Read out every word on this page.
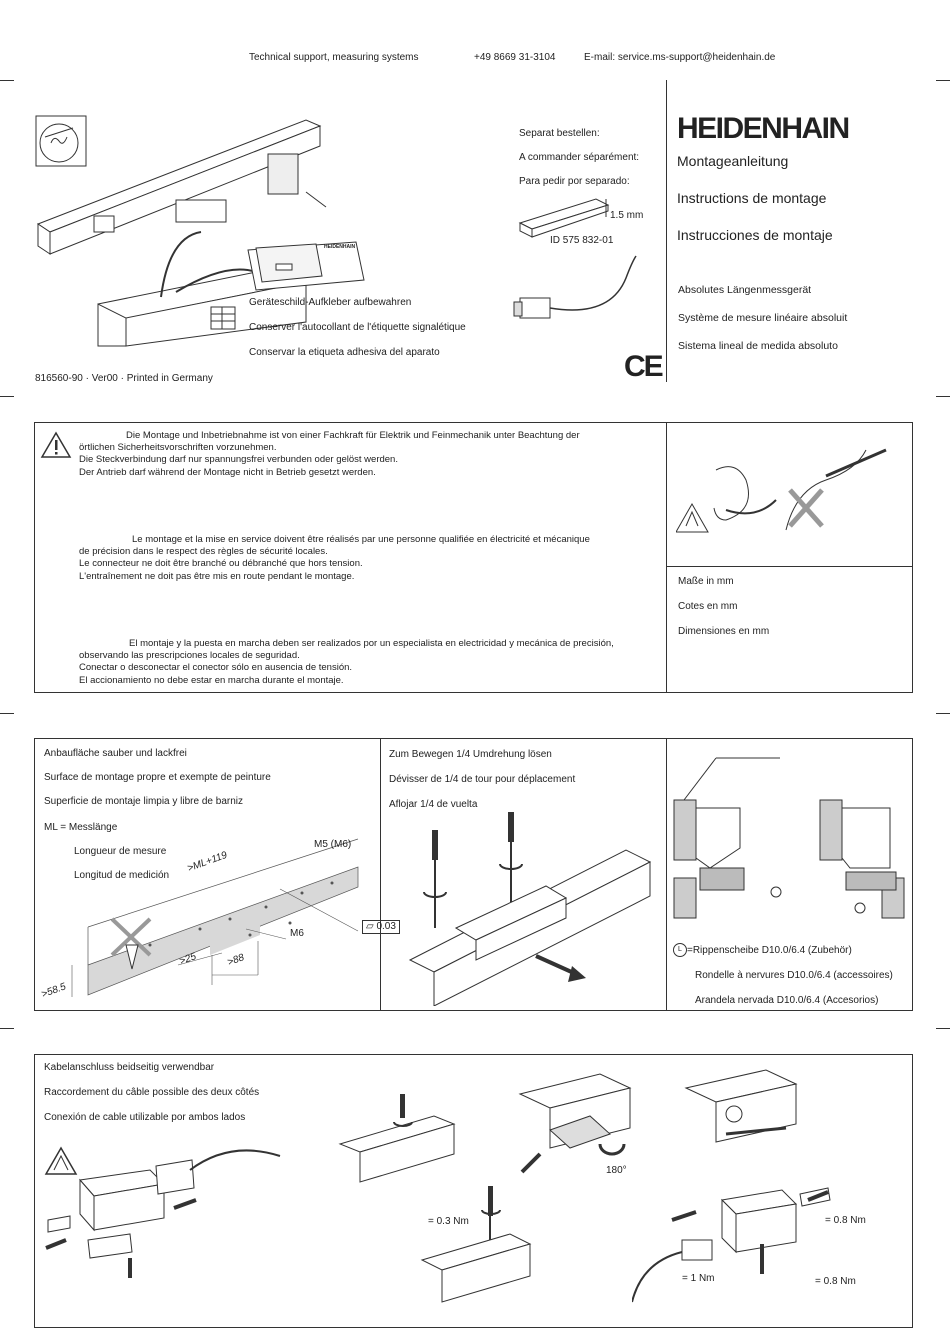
Technical support, measuring systems	+49 8669 31-3104	E-mail: service.ms-support@heidenhain.de
HEIDENHAIN
Geräteschild-Aufkleber aufbewahren
Conserver l'autocollant de l'étiquette signalétique
Conservar la etiqueta adhesiva del aparato
816560-90 · Ver00 · Printed in Germany
Separat bestellen:
A commander séparément:
Para pedir por separado:
1.5 mm
ID 575 832-01
CE
HEIDENHAIN
Montageanleitung
Instructions de montage
Instrucciones de montaje
Absolutes Längenmessgerät
Système de mesure linéaire absoluit
Sistema lineal de medida absoluto
Die Montage und Inbetriebnahme ist von einer Fachkraft für Elektrik und Feinmechanik unter Beachtung der
örtlichen Sicherheitsvorschriften vorzunehmen.
Die Steckverbindung darf nur spannungsfrei verbunden oder gelöst werden.
Der Antrieb darf während der Montage nicht in Betrieb gesetzt werden.
Le montage et la mise en service doivent être réalisés par une personne qualifiée en électricité et mécanique
de précision dans le respect des règles de sécurité locales.
Le connecteur ne doit être branché ou débranché que hors tension.
L'entraînement ne doit pas être mis en route pendant le montage.
El montaje y la puesta en marcha deben ser realizados por un especialista en electricidad y mecánica de precisión,
observando las prescripciones locales de seguridad.
Conectar o desconectar el conector sólo en ausencia de tensión.
El accionamiento no debe estar en marcha durante el montaje.
Maße in mm
Cotes en mm
Dimensiones en mm
Anbaufläche sauber und lackfrei
Surface de montage propre et exempte de peinture
Superficie de montaje limpia y libre de barniz
ML = Messlänge
Longueur de mesure
Longitud de medición
M5 (M6)
>ML+119
▱ 0.03
M6
>25	>88
>58.5
Zum Bewegen 1/4 Umdrehung lösen
Dévisser de 1/4 de tour pour déplacement
Aflojar 1/4 de vuelta
L =Rippenscheibe D10.0/6.4 (Zubehör)
Rondelle à nervures D10.0/6.4 (accessoires)
Arandela nervada D10.0/6.4 (Accesorios)
Kabelanschluss beidseitig verwendbar
Raccordement du câble possible des deux côtés
Conexión de cable utilizable por ambos lados
180°
= 0.3 Nm	= 0.8 Nm
= 1 Nm	= 0.8 Nm
